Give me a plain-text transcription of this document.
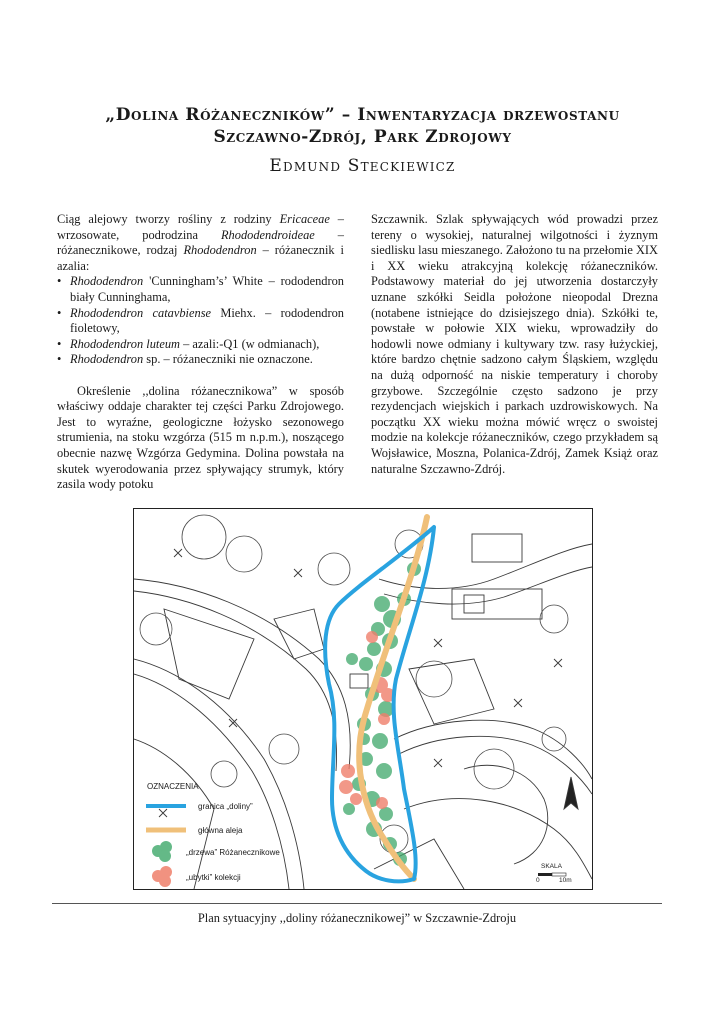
„Dolina Różaneczników” – Inwentaryzacja drzewostanu
Szczawno-Zdrój, Park Zdrojowy
Edmund Steckiewicz

Ciąg alejowy tworzy rośliny z rodziny Ericaceae – wrzosowate, podrodzina Rhododendroideae – różanecznikowe, rodzaj Rhododendron – różanecznik i azalia:

• Rhododendron 'Cunningham’s’ White – rododendron biały Cunninghama,
• Rhododendron catavbiense Miehx. – rododendron fioletowy,
• Rhododendron luteum – azali:-Q1 (w odmianach),
• Rhododendron sp. – różaneczniki nie oznaczone.

Określenie ,,dolina różanecznikowa” w sposób właściwy oddaje charakter tej części Parku Zdrojowego. Jest to wyraźne, geologiczne łożysko sezonowego strumienia, na stoku wzgórza (515 m n.p.m.), noszącego obecnie nazwę Wzgórza Gedymina. Dolina powstała na skutek wyerodowania przez spływający strumyk, który zasila wody potoku

Szczawnik. Szlak spływających wód prowadzi przez tereny o wysokiej, naturalnej wilgotności i żyznym siedlisku lasu mieszanego. Założono tu na przełomie XIX i XX wieku atrakcyjną kolekcję różaneczników. Podstawowy materiał do jej utworzenia dostarczyły uznane szkółki Seidla położone nieopodal Drezna (notabene istniejące do dzisiejszego dnia). Szkółki te, powstałe w połowie XIX wieku, wprowadziły do hodowli nowe odmiany i kultywary tzw. rasy łużyckiej, które bardzo chętnie sadzono całym Śląskiem, względu na dużą odporność na niskie temperatury i choroby grzybowe. Szczególnie często sadzono je przy rezydencjach wiejskich i parkach uzdrowiskowych. Na początku XX wieku można mówić wręcz o swoistej modzie na kolekcje różaneczników, czego przykładem są Wojsławice, Moszna, Polanica-Zdrój, Zamek Książ oraz naturalne Szczawno-Zdrój.

OZNACZENIA
granica „doliny”
główna aleja
„drzewa” Różanecznikowe
„ubytki” kolekcji
SKALA
0	10m
Plan sytuacyjny ,,doliny różanecznikowej” w Szczawnie-Zdroju
